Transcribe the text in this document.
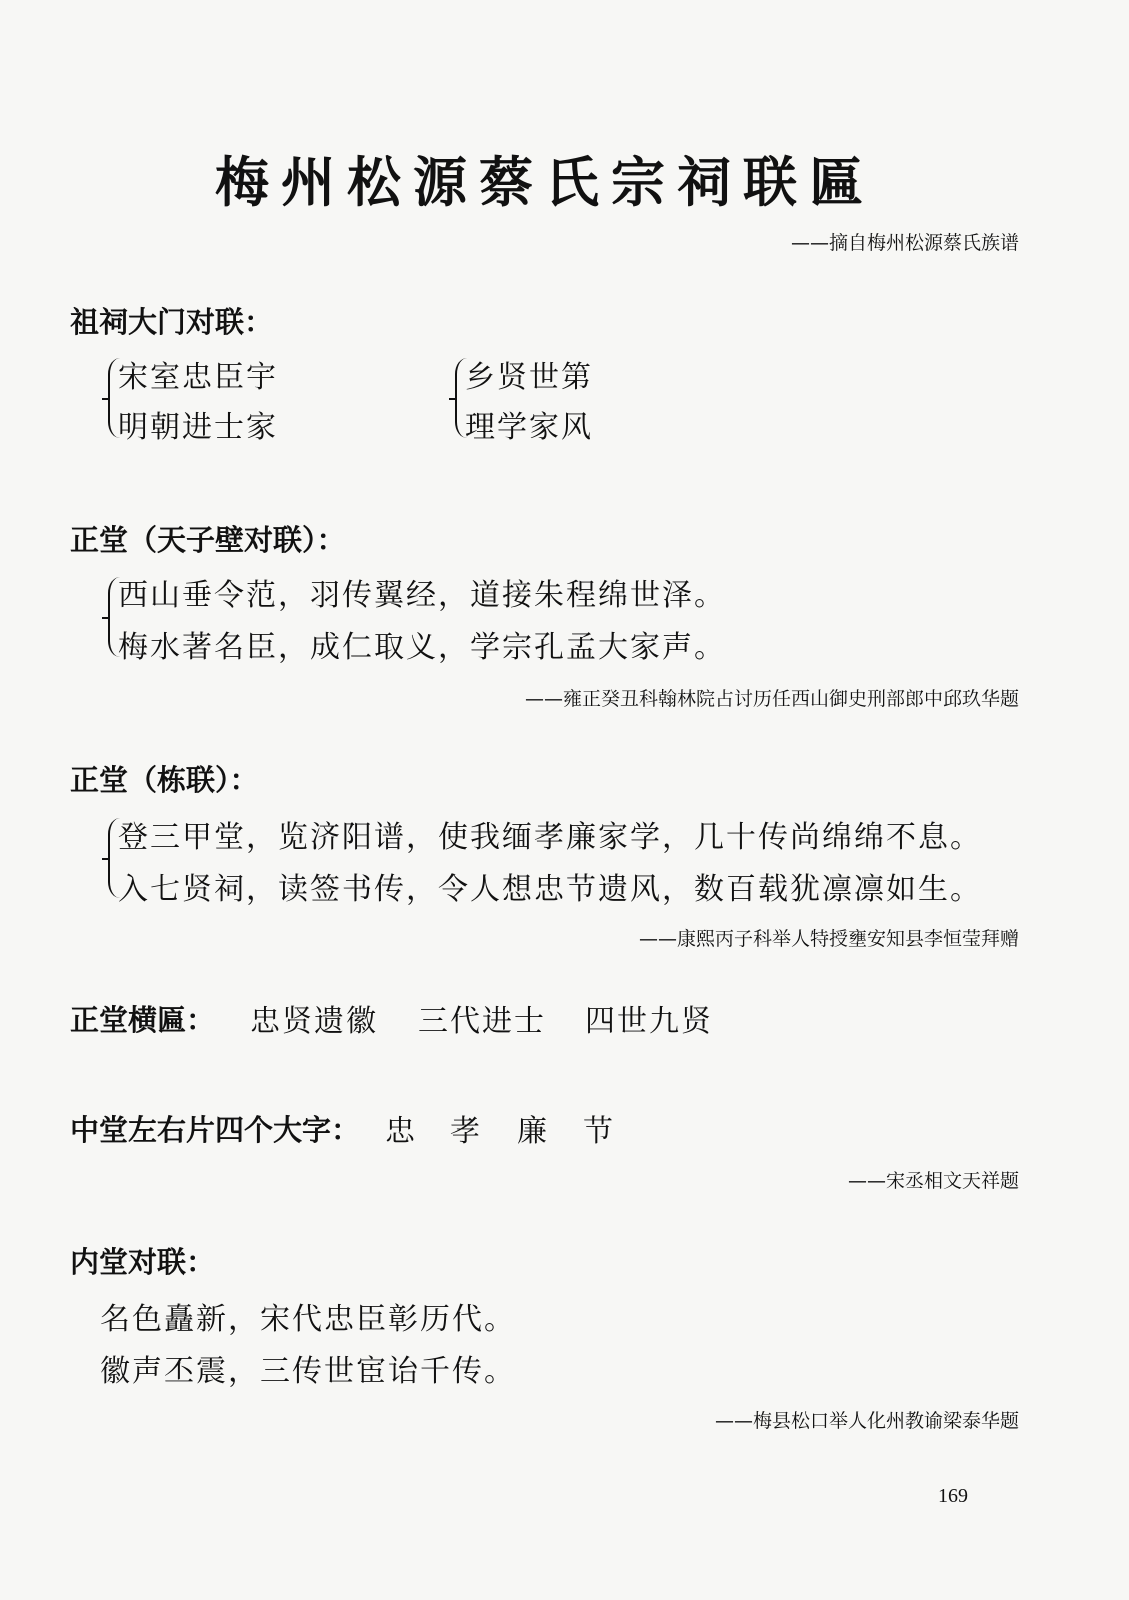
梅州松源蔡氏宗祠联匾
——摘自梅州松源蔡氏族谱
祖祠大门对联：
宋室忠臣宇
明朝进士家
乡贤世第
理学家风
正堂（天子壁对联）：
西山垂令范，羽传翼经，道接朱程绵世泽。
梅水著名臣，成仁取义，学宗孔孟大家声。
——雍正癸丑科翰林院占讨历任西山御史刑部郎中邱玖华题
正堂（栋联）：
登三甲堂，览济阳谱，使我缅孝廉家学，几十传尚绵绵不息。
入七贤祠，读签书传，令人想忠节遗风，数百载犹凛凛如生。
——康熙丙子科举人特授壅安知县李恒莹拜赠
正堂横匾： 忠贤遗徽 三代进士 四世九贤
中堂左右片四个大字： 忠 孝 廉 节
——宋丞相文天祥题
内堂对联：
名色矗新，宋代忠臣彰历代。
徽声丕震，三传世宦诒千传。
——梅县松口举人化州教谕梁泰华题
169
